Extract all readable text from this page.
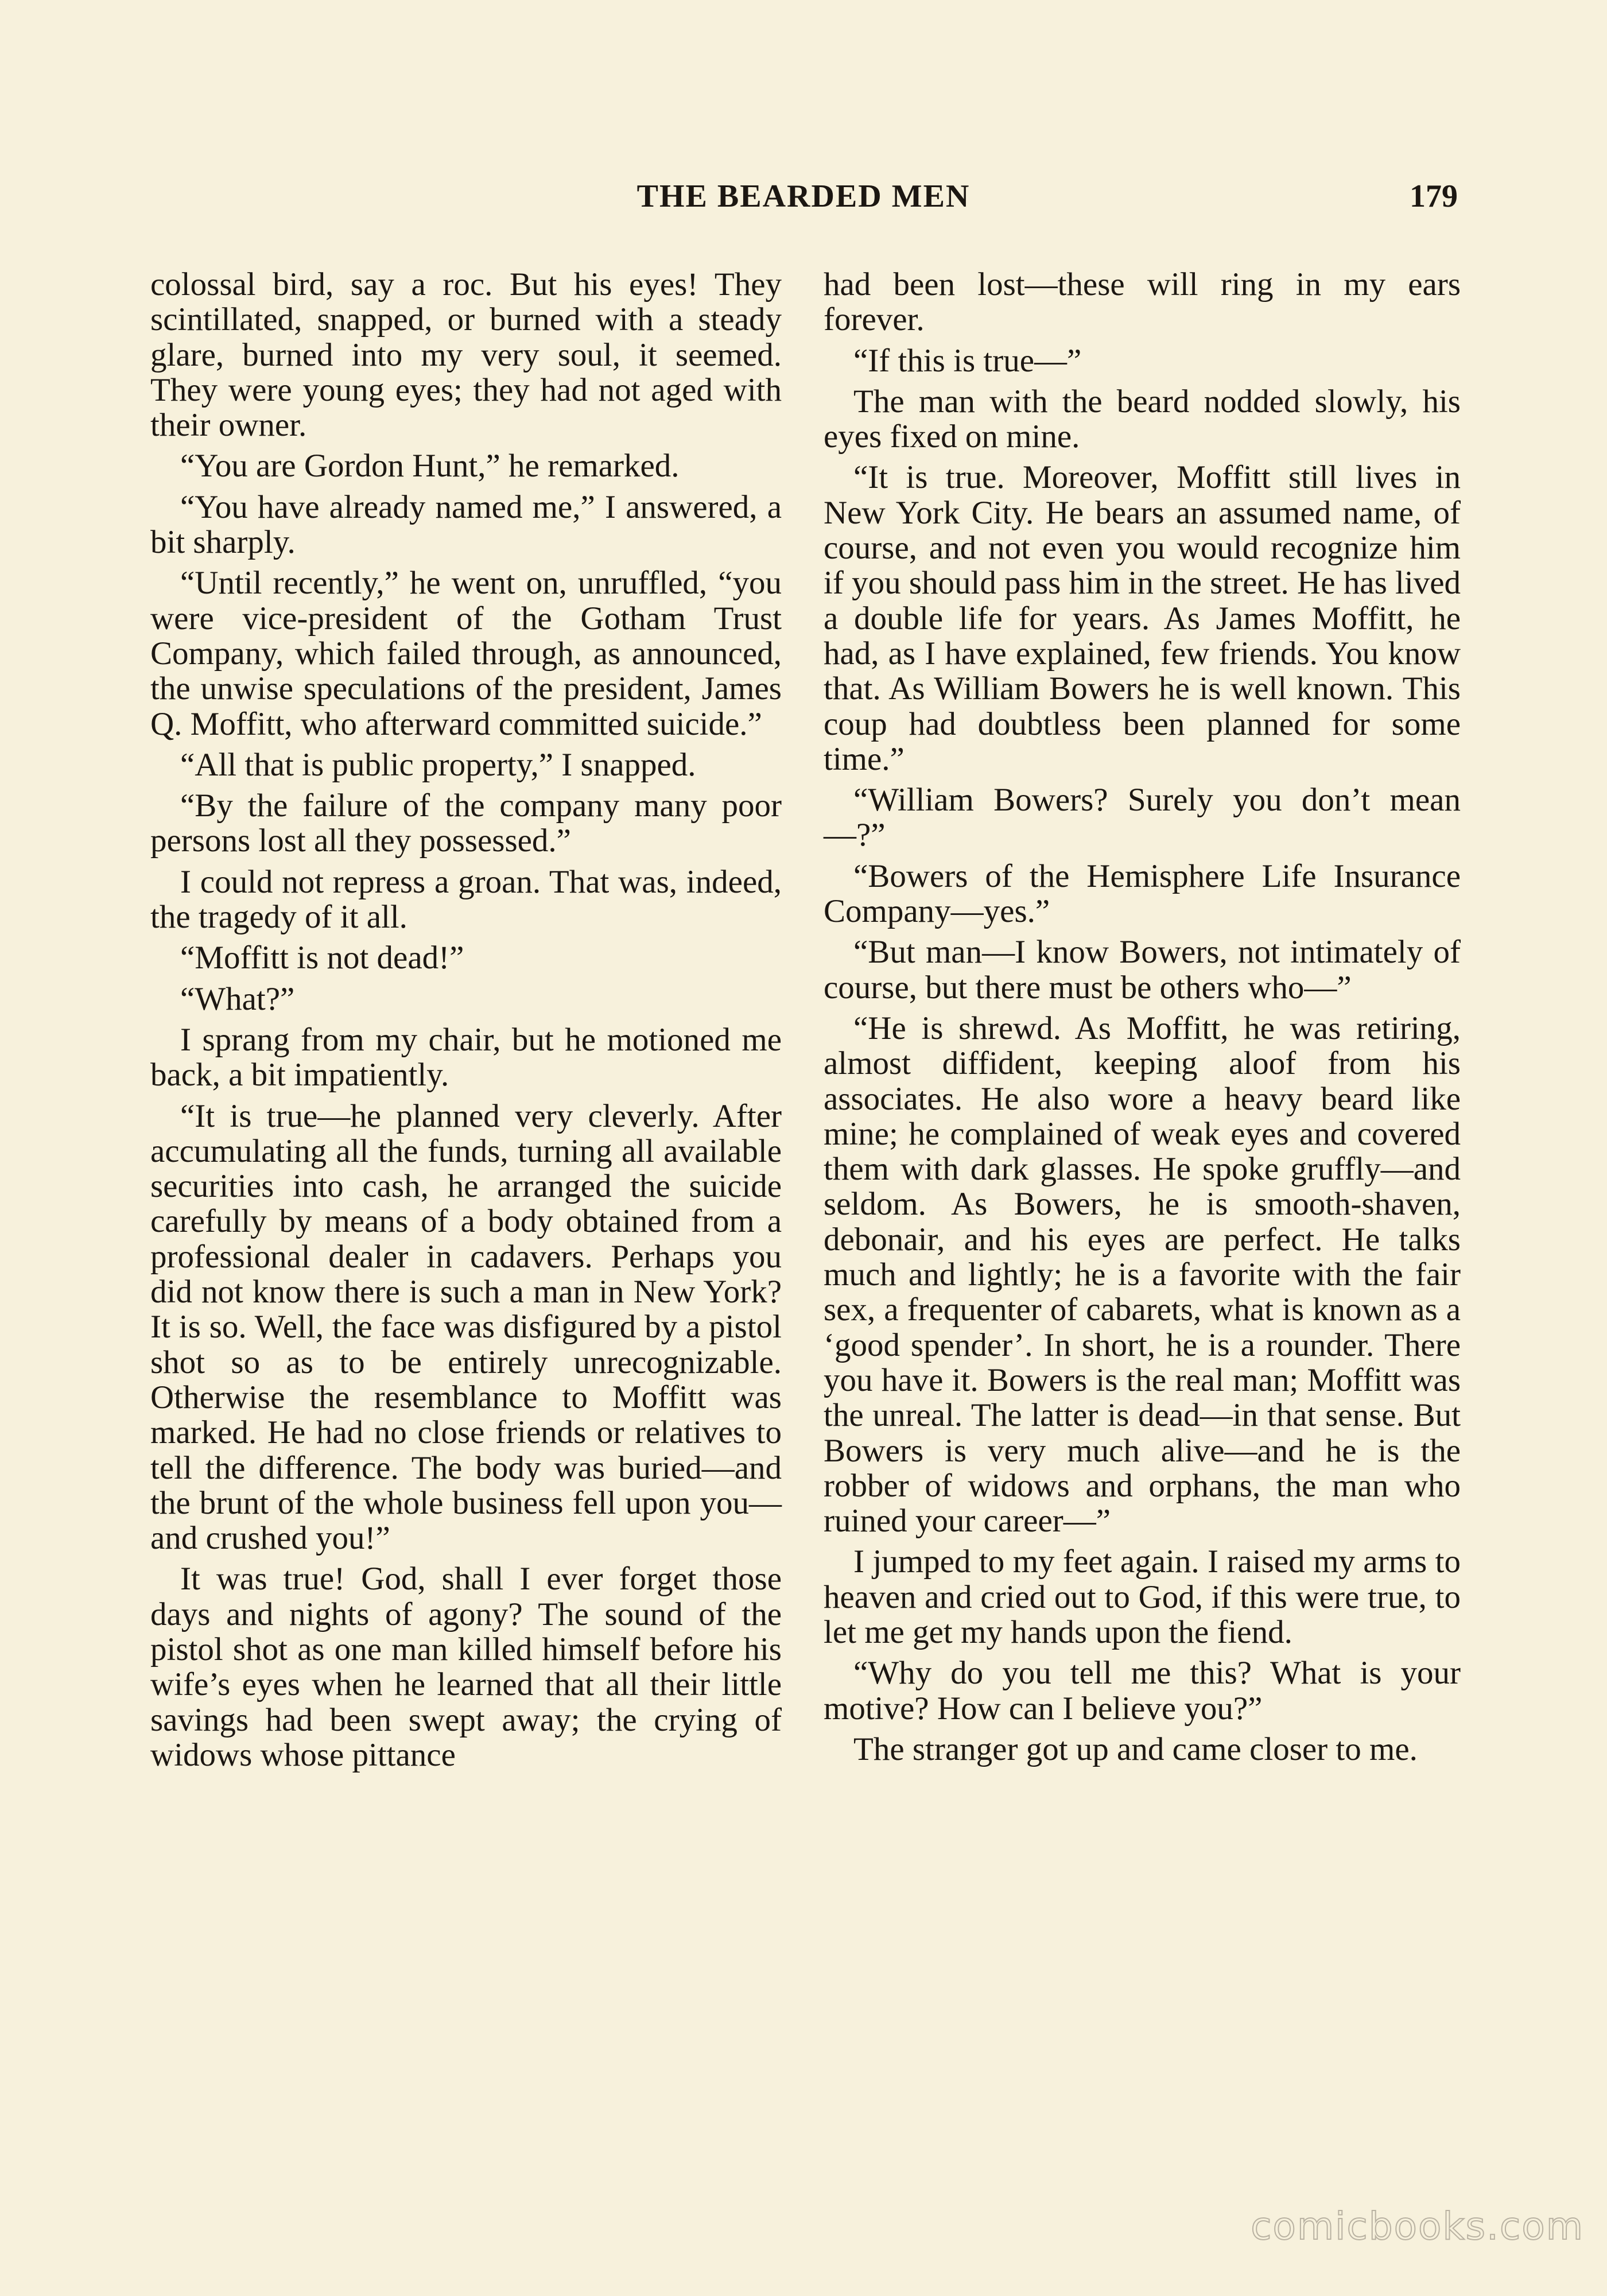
THE BEARDED MEN	179

colossal bird, say a roc. But his eyes! They scintillated, snapped, or burned with a steady glare, burned into my very soul, it seemed. They were young eyes; they had not aged with their owner.

“You are Gordon Hunt,” he remarked.

“You have already named me,” I answered, a bit sharply.

“Until recently,” he went on, unruffled, “you were vice-president of the Gotham Trust Company, which failed through, as announced, the unwise speculations of the president, James Q. Moffitt, who afterward committed suicide.”

“All that is public property,” I snapped.

“By the failure of the company many poor persons lost all they possessed.”

I could not repress a groan. That was, indeed, the tragedy of it all.

“Moffitt is not dead!”

“What?”

I sprang from my chair, but he motioned me back, a bit impatiently.

“It is true—he planned very cleverly. After accumulating all the funds, turning all available securities into cash, he arranged the suicide carefully by means of a body obtained from a professional dealer in cadavers. Perhaps you did not know there is such a man in New York? It is so. Well, the face was disfigured by a pistol shot so as to be entirely unrecognizable. Otherwise the resemblance to Moffitt was marked. He had no close friends or relatives to tell the difference. The body was buried—and the brunt of the whole business fell upon you—and crushed you!”

It was true! God, shall I ever forget those days and nights of agony? The sound of the pistol shot as one man killed himself before his wife’s eyes when he learned that all their little savings had been swept away; the crying of widows whose pittance

had been lost—these will ring in my ears forever.

“If this is true—”

The man with the beard nodded slowly, his eyes fixed on mine.

“It is true. Moreover, Moffitt still lives in New York City. He bears an assumed name, of course, and not even you would recognize him if you should pass him in the street. He has lived a double life for years. As James Moffitt, he had, as I have explained, few friends. You know that. As William Bowers he is well known. This coup had doubtless been planned for some time.”

“William Bowers? Surely you don’t mean—?”

“Bowers of the Hemisphere Life Insurance Company—yes.”

“But man—I know Bowers, not intimately of course, but there must be others who—”

“He is shrewd. As Moffitt, he was retiring, almost diffident, keeping aloof from his associates. He also wore a heavy beard like mine; he complained of weak eyes and covered them with dark glasses. He spoke gruffly—and seldom. As Bowers, he is smooth-shaven, debonair, and his eyes are perfect. He talks much and lightly; he is a favorite with the fair sex, a frequenter of cabarets, what is known as a ‘good spender’. In short, he is a rounder. There you have it. Bowers is the real man; Moffitt was the unreal. The latter is dead—in that sense. But Bowers is very much alive—and he is the robber of widows and orphans, the man who ruined your career—”

I jumped to my feet again. I raised my arms to heaven and cried out to God, if this were true, to let me get my hands upon the fiend.

“Why do you tell me this? What is your motive? How can I believe you?”

The stranger got up and came closer to me.

comicbooks.com
